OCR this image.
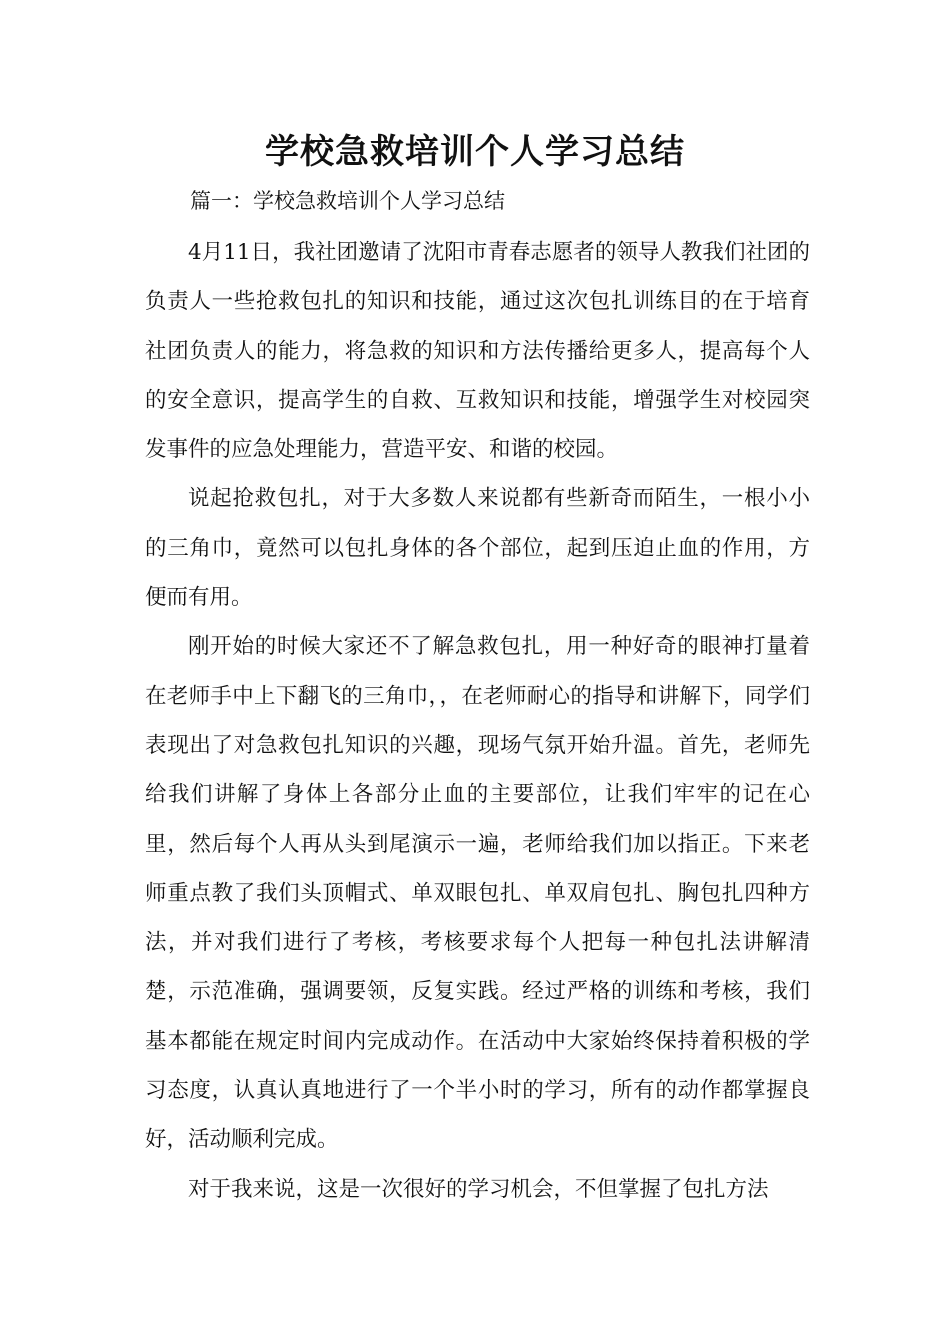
学校急救培训个人学习总结

篇一：学校急救培训个人学习总结

4月11日，我社团邀请了沈阳市青春志愿者的领导人教我们社团的负责人一些抢救包扎的知识和技能，通过这次包扎训练目的在于培育社团负责人的能力，将急救的知识和方法传播给更多人，提高每个人的安全意识，提高学生的自救、互救知识和技能，增强学生对校园突发事件的应急处理能力，营造平安、和谐的校园。

说起抢救包扎，对于大多数人来说都有些新奇而陌生，一根小小的三角巾，竟然可以包扎身体的各个部位，起到压迫止血的作用，方便而有用。

刚开始的时候大家还不了解急救包扎，用一种好奇的眼神打量着在老师手中上下翻飞的三角巾，，在老师耐心的指导和讲解下，同学们表现出了对急救包扎知识的兴趣，现场气氛开始升温。首先，老师先给我们讲解了身体上各部分止血的主要部位，让我们牢牢的记在心里，然后每个人再从头到尾演示一遍，老师给我们加以指正。下来老师重点教了我们头顶帽式、单双眼包扎、单双肩包扎、胸包扎四种方法，并对我们进行了考核，考核要求每个人把每一种包扎法讲解清楚，示范准确，强调要领，反复实践。经过严格的训练和考核，我们基本都能在规定时间内完成动作。在活动中大家始终保持着积极的学习态度，认真认真地进行了一个半小时的学习，所有的动作都掌握良好，活动顺利完成。

对于我来说，这是一次很好的学习机会，不但掌握了包扎方法
